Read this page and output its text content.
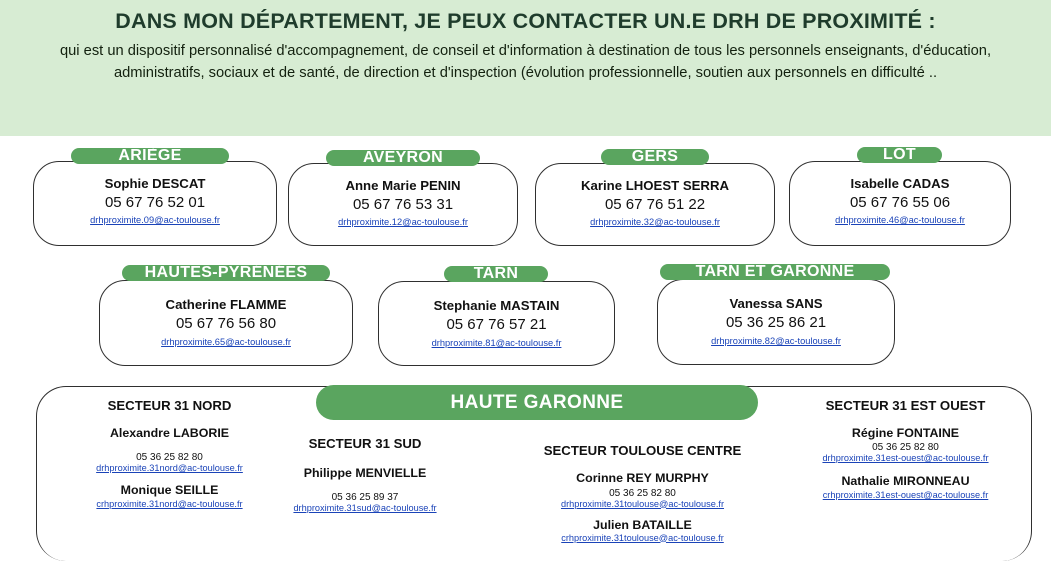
DANS MON DÉPARTEMENT, JE PEUX CONTACTER UN.E DRH DE PROXIMITÉ :
qui est un dispositif personnalisé d'accompagnement, de conseil et d'information à destination de tous les personnels enseignants, d'éducation, administratifs, sociaux et de santé, de direction et d'inspection (évolution professionnelle, soutien aux personnels en difficulté ..
Sophie DESCAT
05 67 76 52 01
drhproximite.09@ac-toulouse.fr
ARIÈGE
Anne Marie PENIN
05 67 76 53 31
drhproximite.12@ac-toulouse.fr
AVEYRON
Karine LHOEST SERRA
05 67 76 51 22
drhproximite.32@ac-toulouse.fr
GERS
Isabelle CADAS
05 67 76 55 06
drhproximite.46@ac-toulouse.fr
LOT
Catherine FLAMME
05 67 76 56 80
drhproximite.65@ac-toulouse.fr
HAUTES-PYRÉNÉES
Stephanie MASTAIN
05 67 76 57 21
drhproximite.81@ac-toulouse.fr
TARN
Vanessa SANS
05 36 25 86 21
drhproximite.82@ac-toulouse.fr
TARN ET GARONNE
HAUTE GARONNE
SECTEUR 31 NORD
Alexandre LABORIE
05 36 25 82 80
drhproximite.31nord@ac-toulouse.fr
Monique SEILLE
crhproximite.31nord@ac-toulouse.fr
SECTEUR 31 SUD
Philippe MENVIELLE
05 36 25 89 37
drhproximite.31sud@ac-toulouse.fr
SECTEUR TOULOUSE CENTRE
Corinne REY MURPHY
05 36 25 82 80
drhproximite.31toulouse@ac-toulouse.fr
Julien BATAILLE
crhproximite.31toulouse@ac-toulouse.fr
SECTEUR 31 EST OUEST
Régine FONTAINE
05 36 25 82 80
drhproximite.31est-ouest@ac-toulouse.fr
Nathalie MIRONNEAU
crhproximite.31est-ouest@ac-toulouse.fr
